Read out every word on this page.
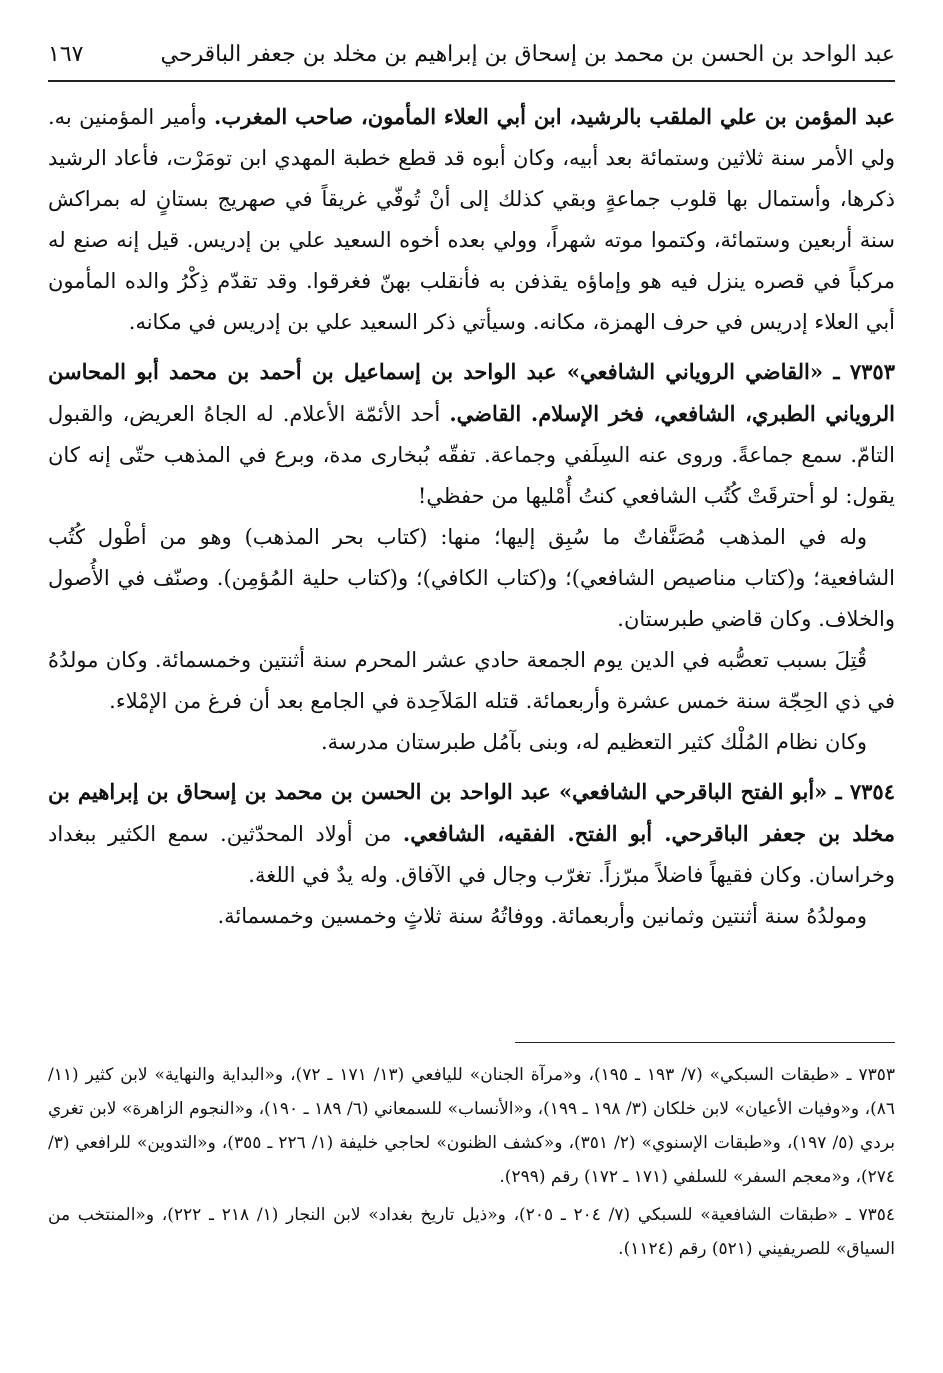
عبد الواحد بن الحسن بن محمد بن إسحاق بن إبراهيم بن مخلد بن جعفر الباقرحي
١٦٧

عبد المؤمن بن علي الملقب بالرشيد، ابن أبي العلاء المأمون، صاحب المغرب. وأمير المؤمنين به. ولي الأمر سنة ثلاثين وستمائة بعد أبيه، وكان أبوه قد قطع خطبة المهدي ابن تومَرْت، فأعاد الرشيد ذكرها، وأستمال بها قلوب جماعةٍ وبقي كذلك إلى أنْ تُوفّي غريقاً في صهريج بستانٍ له بمراكش سنة أربعين وستمائة، وكتموا موته شهراً، وولي بعده أخوه السعيد علي بن إدريس. قيل إنه صنع له مركباً في قصره ينزل فيه هو وإماؤه يقذفن به فأنقلب بهنّ فغرقوا. وقد تقدّم ذِكْرُ والده المأمون أبي العلاء إدريس في حرف الهمزة، مكانه. وسيأتي ذكر السعيد علي بن إدريس في مكانه.

٧٣٥٣ ـ «القاضي الروياني الشافعي» عبد الواحد بن إسماعيل بن أحمد بن محمد أبو المحاسن الروياني الطبري، الشافعي، فخر الإسلام. القاضي. أحد الأئمّة الأعلام. له الجاهُ العريض، والقبول التامّ. سمع جماعةً. وروى عنه السِلَفي وجماعة. تفقّه بُبخارى مدة، وبرع في المذهب حتّى إنه كان يقول: لو أحترقَتْ كُتُب الشافعي كنتُ أُمْليها من حفظي!

وله في المذهب مُصَنَّفاتٌ ما سُبِق إليها؛ منها: (كتاب بحر المذهب) وهو من أطْول كُتُب الشافعية؛ و(كتاب مناصيص الشافعي)؛ و(كتاب الكافي)؛ و(كتاب حلية المُؤمِن). وصنّف في الأُصول والخلاف. وكان قاضي طبرستان.

قُتِلَ بسبب تعصُّبه في الدين يوم الجمعة حادي عشر المحرم سنة أثنتين وخمسمائة. وكان مولدُهُ في ذي الحِجّة سنة خمس عشرة وأربعمائة. قتله المَلاَحِدة في الجامع بعد أن فرغ من الإمْلاء.

وكان نظام المُلْك كثير التعظيم له، وبنى بآمُل طبرستان مدرسة.

٧٣٥٤ ـ «أبو الفتح الباقرحي الشافعي» عبد الواحد بن الحسن بن محمد بن إسحاق بن إبراهيم بن مخلد بن جعفر الباقرحي. أبو الفتح. الفقيه، الشافعي. من أولاد المحدّثين. سمع الكثير ببغداد وخراسان. وكان فقيهاً فاضلاً مبرّزاً. تغرّب وجال في الآفاق. وله يدٌ في اللغة.

ومولدُهُ سنة أثنتين وثمانين وأربعمائة. ووفاتُهُ سنة ثلاثٍ وخمسين وخمسمائة.

٧٣٥٣ ـ «طبقات السبكي» (٧/ ١٩٣ ـ ١٩٥)، و«مرآة الجنان» لليافعي (١٣/ ١٧١ ـ ٧٢)، و«البداية والنهاية» لابن كثير (١١/ ٨٦)، و«وفيات الأعيان» لابن خلكان (٣/ ١٩٨ ـ ١٩٩)، و«الأنساب» للسمعاني (٦/ ١٨٩ ـ ١٩٠)، و«النجوم الزاهرة» لابن تغري بردي (٥/ ١٩٧)، و«طبقات الإسنوي» (٢/ ٣٥١)، و«كشف الظنون» لحاجي خليفة (١/ ٢٢٦ ـ ٣٥٥)، و«التدوين» للرافعي (٣/ ٢٧٤)، و«معجم السفر» للسلفي (١٧١ ـ ١٧٢) رقم (٢٩٩).

٧٣٥٤ ـ «طبقات الشافعية» للسبكي (٧/ ٢٠٤ ـ ٢٠٥)، و«ذيل تاريخ بغداد» لابن النجار (١/ ٢١٨ ـ ٢٢٢)، و«المنتخب من السياق» للصريفيني (٥٢١) رقم (١١٢٤).
